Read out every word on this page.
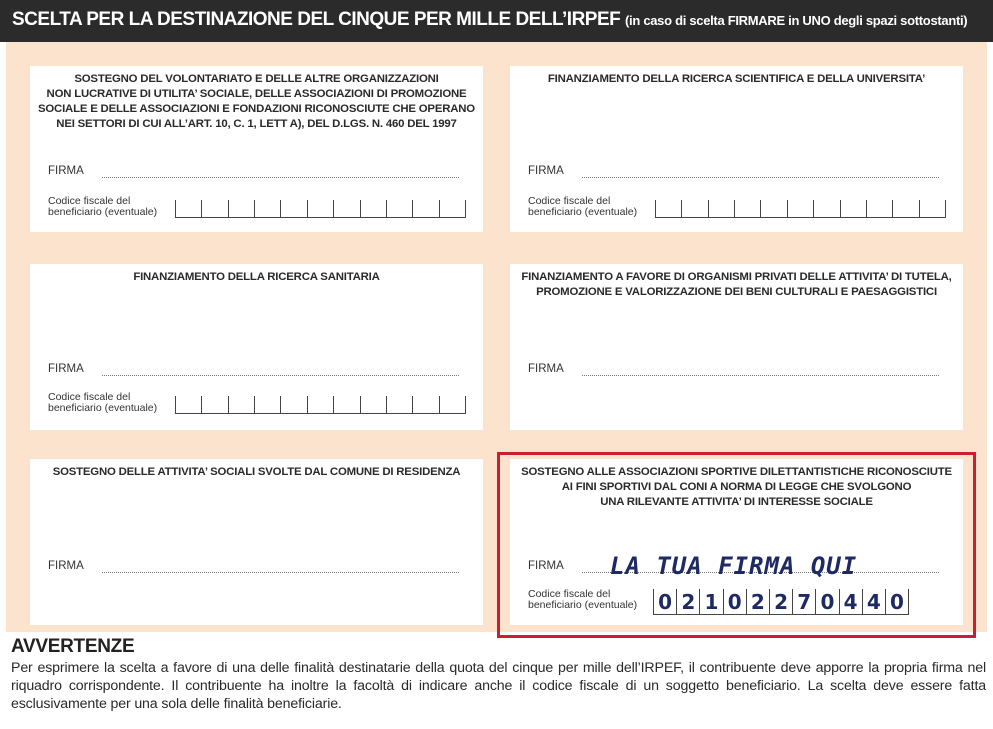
SCELTA PER LA DESTINAZIONE DEL CINQUE PER MILLE DELL’IRPEF (in caso di scelta FIRMARE in UNO degli spazi sottostanti)
SOSTEGNO DEL VOLONTARIATO E DELLE ALTRE ORGANIZZAZIONI
NON LUCRATIVE DI UTILITA’ SOCIALE, DELLE ASSOCIAZIONI DI PROMOZIONE
SOCIALE E DELLE ASSOCIAZIONI E FONDAZIONI RICONOSCIUTE CHE OPERANO
NEI SETTORI DI CUI ALL’ART. 10, C. 1, LETT A), DEL D.LGS. N. 460 DEL 1997
FIRMA
Codice fiscale del
beneficiario (eventuale)
FINANZIAMENTO DELLA RICERCA SCIENTIFICA E DELLA UNIVERSITA’
FIRMA
Codice fiscale del
beneficiario (eventuale)
FINANZIAMENTO DELLA RICERCA SANITARIA
FIRMA
Codice fiscale del
beneficiario (eventuale)
FINANZIAMENTO A FAVORE DI ORGANISMI PRIVATI DELLE ATTIVITA’ DI TUTELA,
PROMOZIONE E VALORIZZAZIONE DEI BENI CULTURALI E PAESAGGISTICI
FIRMA
SOSTEGNO DELLE ATTIVITA’ SOCIALI SVOLTE DAL COMUNE DI RESIDENZA
FIRMA
SOSTEGNO ALLE ASSOCIAZIONI SPORTIVE DILETTANTISTICHE RICONOSCIUTE
AI FINI SPORTIVI DAL CONI A NORMA DI LEGGE CHE SVOLGONO
UNA RILEVANTE ATTIVITA’ DI INTERESSE SOCIALE
FIRMA
Codice fiscale del
beneficiario (eventuale)
LA TUA FIRMA QUI
0 2 1 0 2 2 7 0 4 4 0
AVVERTENZE
Per esprimere la scelta a favore di una delle finalità destinatarie della quota del cinque per mille dell’IRPEF, il contribuente deve apporre la propria firma nel riquadro corrispondente. Il contribuente ha inoltre la facoltà di indicare anche il codice fiscale di un soggetto beneficiario. La scelta deve essere fatta esclusivamente per una sola delle finalità beneficiarie.
